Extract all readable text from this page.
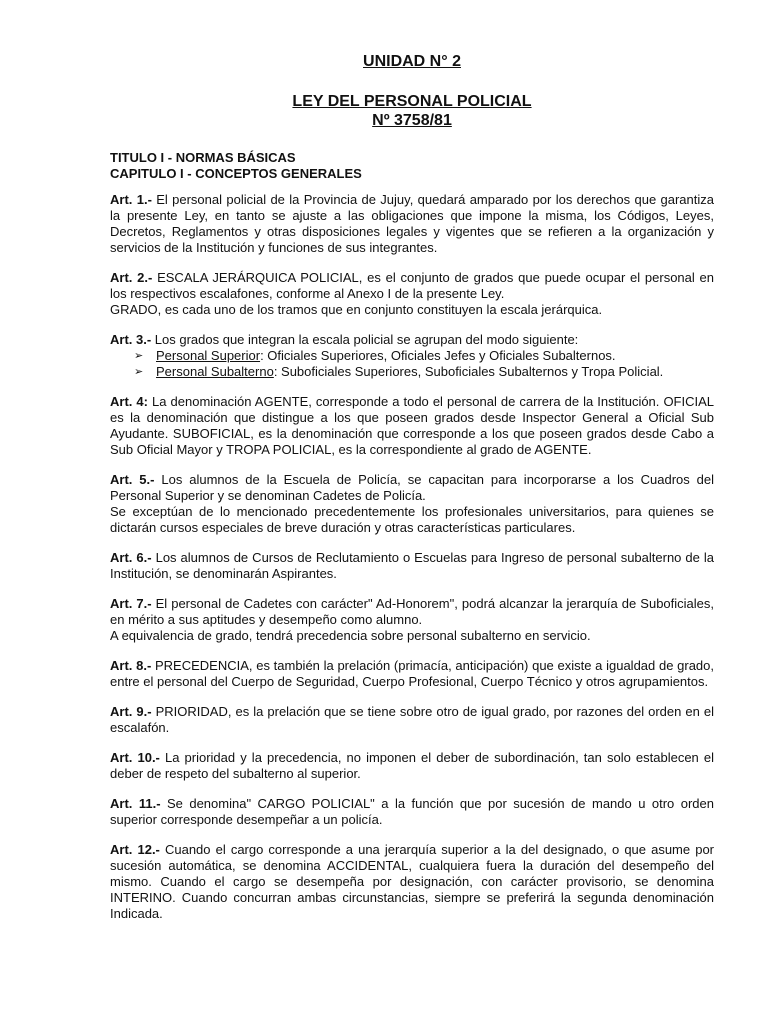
UNIDAD N° 2

LEY DEL PERSONAL POLICIAL

Nº 3758/81

TITULO I - NORMAS BÁSICAS

CAPITULO I - CONCEPTOS GENERALES

Art. 1.- El personal policial de la Provincia de Jujuy, quedará amparado por los derechos que garantiza la presente Ley, en tanto se ajuste a las obligaciones que impone la misma, los Códigos, Leyes, Decretos, Reglamentos y otras disposiciones legales y vigentes que se refieren a la organización y servicios de la Institución y funciones de sus integrantes.

Art. 2.- ESCALA JERÁRQUICA POLICIAL, es el conjunto de grados que puede ocupar el personal en los respectivos escalafones, conforme al Anexo I de la presente Ley.

GRADO, es cada uno de los tramos que en conjunto constituyen la escala jerárquica.

Art. 3.- Los grados que integran la escala policial se agrupan del modo siguiente:

➢ Personal Superior: Oficiales Superiores, Oficiales Jefes y Oficiales Subalternos.
➢ Personal Subalterno: Suboficiales Superiores, Suboficiales Subalternos y Tropa Policial.

Art. 4: La denominación AGENTE, corresponde a todo el personal de carrera de la Institución. OFICIAL es la denominación que distingue a los que poseen grados desde Inspector General a Oficial Sub Ayudante. SUBOFICIAL, es la denominación que corresponde a los que poseen grados desde Cabo a Sub Oficial Mayor y TROPA POLICIAL, es la correspondiente al grado de AGENTE.

Art. 5.- Los alumnos de la Escuela de Policía, se capacitan para incorporarse a los Cuadros del Personal Superior y se denominan Cadetes de Policía.

Se exceptúan de lo mencionado precedentemente los profesionales universitarios, para quienes se dictarán cursos especiales de breve duración y otras características particulares.

Art. 6.- Los alumnos de Cursos de Reclutamiento o Escuelas para Ingreso de personal subalterno de la Institución, se denominarán Aspirantes.

Art. 7.- El personal de Cadetes con carácter" Ad-Honorem", podrá alcanzar la jerarquía de Suboficiales, en mérito a sus aptitudes y desempeño como alumno.

A equivalencia de grado, tendrá precedencia sobre personal subalterno en servicio.

Art. 8.- PRECEDENCIA, es también la prelación (primacía, anticipación) que existe a igualdad de grado, entre el personal del Cuerpo de Seguridad, Cuerpo Profesional, Cuerpo Técnico y otros agrupamientos.

Art. 9.- PRIORIDAD, es la prelación que se tiene sobre otro de igual grado, por razones del orden en el escalafón.

Art. 10.- La prioridad y la precedencia, no imponen el deber de subordinación, tan solo establecen el deber de respeto del subalterno al superior.

Art. 11.- Se denomina" CARGO POLICIAL" a la función que por sucesión de mando u otro orden superior corresponde desempeñar a un policía.

Art. 12.- Cuando el cargo corresponde a una jerarquía superior a la del designado, o que asume por sucesión automática, se denomina ACCIDENTAL, cualquiera fuera la duración del desempeño del mismo. Cuando el cargo se desempeña por designación, con carácter provisorio, se denomina INTERINO. Cuando concurran ambas circunstancias, siempre se preferirá la segunda denominación Indicada.
